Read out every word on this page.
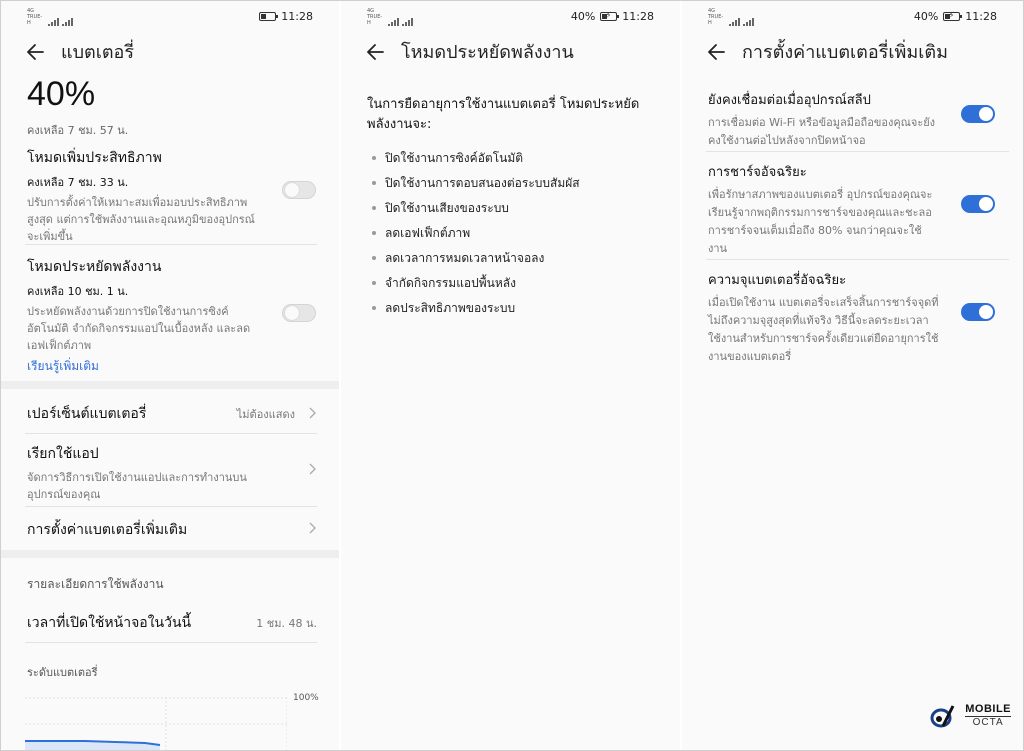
4G TRUE-H	11:28
แบตเตอรี่
40%
คงเหลือ 7 ชม. 57 น.
โหมดเพิ่มประสิทธิภาพ
คงเหลือ 7 ชม. 33 น.
ปรับการตั้งค่าให้เหมาะสมเพื่อมอบประสิทธิภาพสูงสุด แต่การใช้พลังงานและอุณหภูมิของอุปกรณ์จะเพิ่มขึ้น
โหมดประหยัดพลังงาน
คงเหลือ 10 ชม. 1 น.
ประหยัดพลังงานด้วยการปิดใช้งานการซิงค์อัตโนมัติ จำกัดกิจกรรมแอปในเบื้องหลัง และลดเอฟเฟ็กต์ภาพ
เรียนรู้เพิ่มเติม
เปอร์เซ็นต์แบตเตอรี่	ไม่ต้องแสดง
เรียกใช้แอป
จัดการวิธีการเปิดใช้งานแอปและการทำงานบนอุปกรณ์ของคุณ
การตั้งค่าแบตเตอรี่เพิ่มเติม
รายละเอียดการใช้พลังงาน
เวลาที่เปิดใช้หน้าจอในวันนี้	1 ชม. 48 น.
ระดับแบตเตอรี่
100%
4G TRUE-H	40% ⚡ 11:28
โหมดประหยัดพลังงาน
ในการยืดอายุการใช้งานแบตเตอรี่ โหมดประหยัดพลังงานจะ:
ปิดใช้งานการซิงค์อัตโนมัติ
ปิดใช้งานการตอบสนองต่อระบบสัมผัส
ปิดใช้งานเสียงของระบบ
ลดเอฟเฟ็กต์ภาพ
ลดเวลาการหมดเวลาหน้าจอลง
จำกัดกิจกรรมแอปพื้นหลัง
ลดประสิทธิภาพของระบบ
4G TRUE-H	40% ⚡ 11:28
การตั้งค่าแบตเตอรี่เพิ่มเติม
ยังคงเชื่อมต่อเมื่ออุปกรณ์สลีป
การเชื่อมต่อ Wi-Fi หรือข้อมูลมือถือของคุณจะยังคงใช้งานต่อไปหลังจากปิดหน้าจอ
การชาร์จอัจฉริยะ
เพื่อรักษาสภาพของแบตเตอรี่ อุปกรณ์ของคุณจะเรียนรู้จากพฤติกรรมการชาร์จของคุณและชะลอการชาร์จจนเต็มเมื่อถึง 80% จนกว่าคุณจะใช้งาน
ความจุแบตเตอรี่อัจฉริยะ
เมื่อเปิดใช้งาน แบตเตอรี่จะเสร็จสิ้นการชาร์จจุดที่ไม่ถึงความจุสูงสุดที่แท้จริง วิธีนี้จะลดระยะเวลาใช้งานสำหรับการชาร์จครั้งเดียวแต่ยืดอายุการใช้งานของแบตเตอรี่
MOBILE
OCTA
